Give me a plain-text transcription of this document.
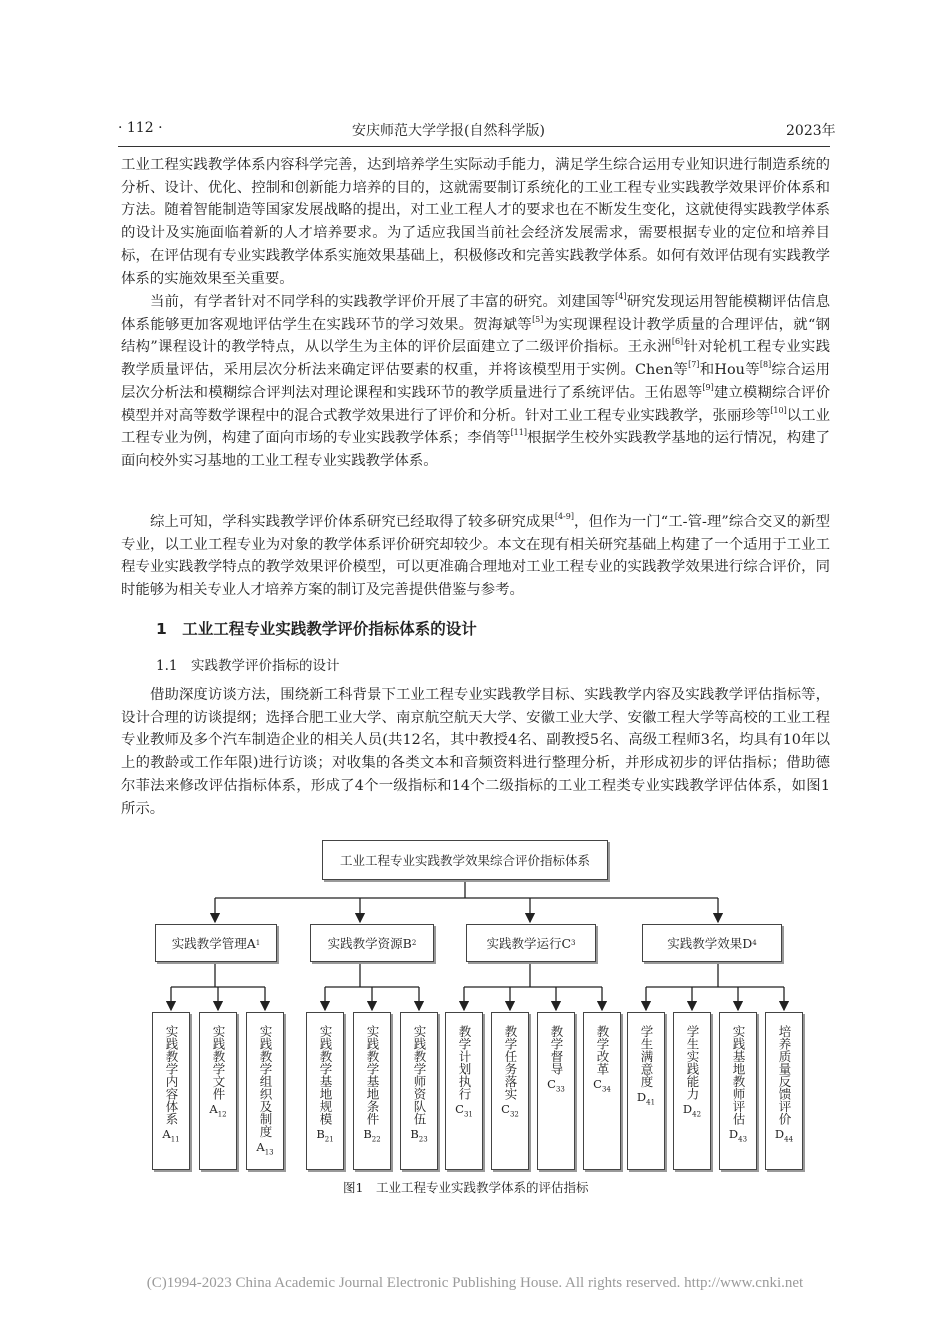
· 112 ·	安庆师范大学学报(自然科学版)	2023年

工业工程实践教学体系内容科学完善，达到培养学生实际动手能力，满足学生综合运用专业知识进行制造系统的分析、设计、优化、控制和创新能力培养的目的，这就需要制订系统化的工业工程专业实践教学效果评价体系和方法。随着智能制造等国家发展战略的提出，对工业工程人才的要求也在不断发生变化，这就使得实践教学体系的设计及实施面临着新的人才培养要求。为了适应我国当前社会经济发展需求，需要根据专业的定位和培养目标，在评估现有专业实践教学体系实施效果基础上，积极修改和完善实践教学体系。如何有效评估现有实践教学体系的实施效果至关重要。

当前，有学者针对不同学科的实践教学评价开展了丰富的研究。刘建国等[4]研究发现运用智能模糊评估信息体系能够更加客观地评估学生在实践环节的学习效果。贺海斌等[5]为实现课程设计教学质量的合理评估，就“钢结构”课程设计的教学特点，从以学生为主体的评价层面建立了二级评价指标。王永洲[6]针对轮机工程专业实践教学质量评估，采用层次分析法来确定评估要素的权重，并将该模型用于实例。Chen等[7]和Hou等[8]综合运用层次分析法和模糊综合评判法对理论课程和实践环节的教学质量进行了系统评估。王佑恩等[9]建立模糊综合评价模型并对高等数学课程中的混合式教学效果进行了评价和分析。针对工业工程专业实践教学，张丽珍等[10]以工业工程专业为例，构建了面向市场的专业实践教学体系；李俏等[11]根据学生校外实践教学基地的运行情况，构建了面向校外实习基地的工业工程专业实践教学体系。

综上可知，学科实践教学评价体系研究已经取得了较多研究成果[4-9]，但作为一门“工-管-理”综合交叉的新型专业，以工业工程专业为对象的教学体系评价研究却较少。本文在现有相关研究基础上构建了一个适用于工业工程专业实践教学特点的教学效果评价模型，可以更准确合理地对工业工程专业的实践教学效果进行综合评价，同时能够为相关专业人才培养方案的制订及完善提供借鉴与参考。

1　工业工程专业实践教学评价指标体系的设计
1.1　实践教学评价指标的设计

借助深度访谈方法，围绕新工科背景下工业工程专业实践教学目标、实践教学内容及实践教学评估指标等，设计合理的访谈提纲；选择合肥工业大学、南京航空航天大学、安徽工业大学、安徽工程大学等高校的工业工程专业教师及多个汽车制造企业的相关人员(共12名，其中教授4名、副教授5名、高级工程师3名，均具有10年以上的教龄或工作年限)进行访谈；对收集的各类文本和音频资料进行整理分析，并形成初步的评估指标；借助德尔菲法来修改评估指标体系，形成了4个一级指标和14个二级指标的工业工程类专业实践教学评估体系，如图1所示。

工业工程专业实践教学效果综合评价指标体系
实践教学管理A 1	实践教学资源B 2	实践教学运行C 3	实践教学效果D 4
实践教学内容体系
$A_{11}$
实践教学文件
$A_{12}$	实践教学组织及制度
$A_{13}$
实践教学基地规模
$B_{21}$
实践教学基地条件
$B_{22}$
实践教学师资队伍
$B_{23}$
教学计划执行
$C_{31}$
教学任务落实
$C_{32}$
教学督导
$C_{33}$
教学改革
$C_{34}$
学生满意度
$D_{41}$
学生实践能力
$D_{42}$ 实践基地教师评估
$D_{43}$
培养质量反馈评价
$D_{44}$
图1　工业工程专业实践教学体系的评估指标
(C)1994-2023 China Academic Journal Electronic Publishing House. All rights reserved. http://www.cnki.net
